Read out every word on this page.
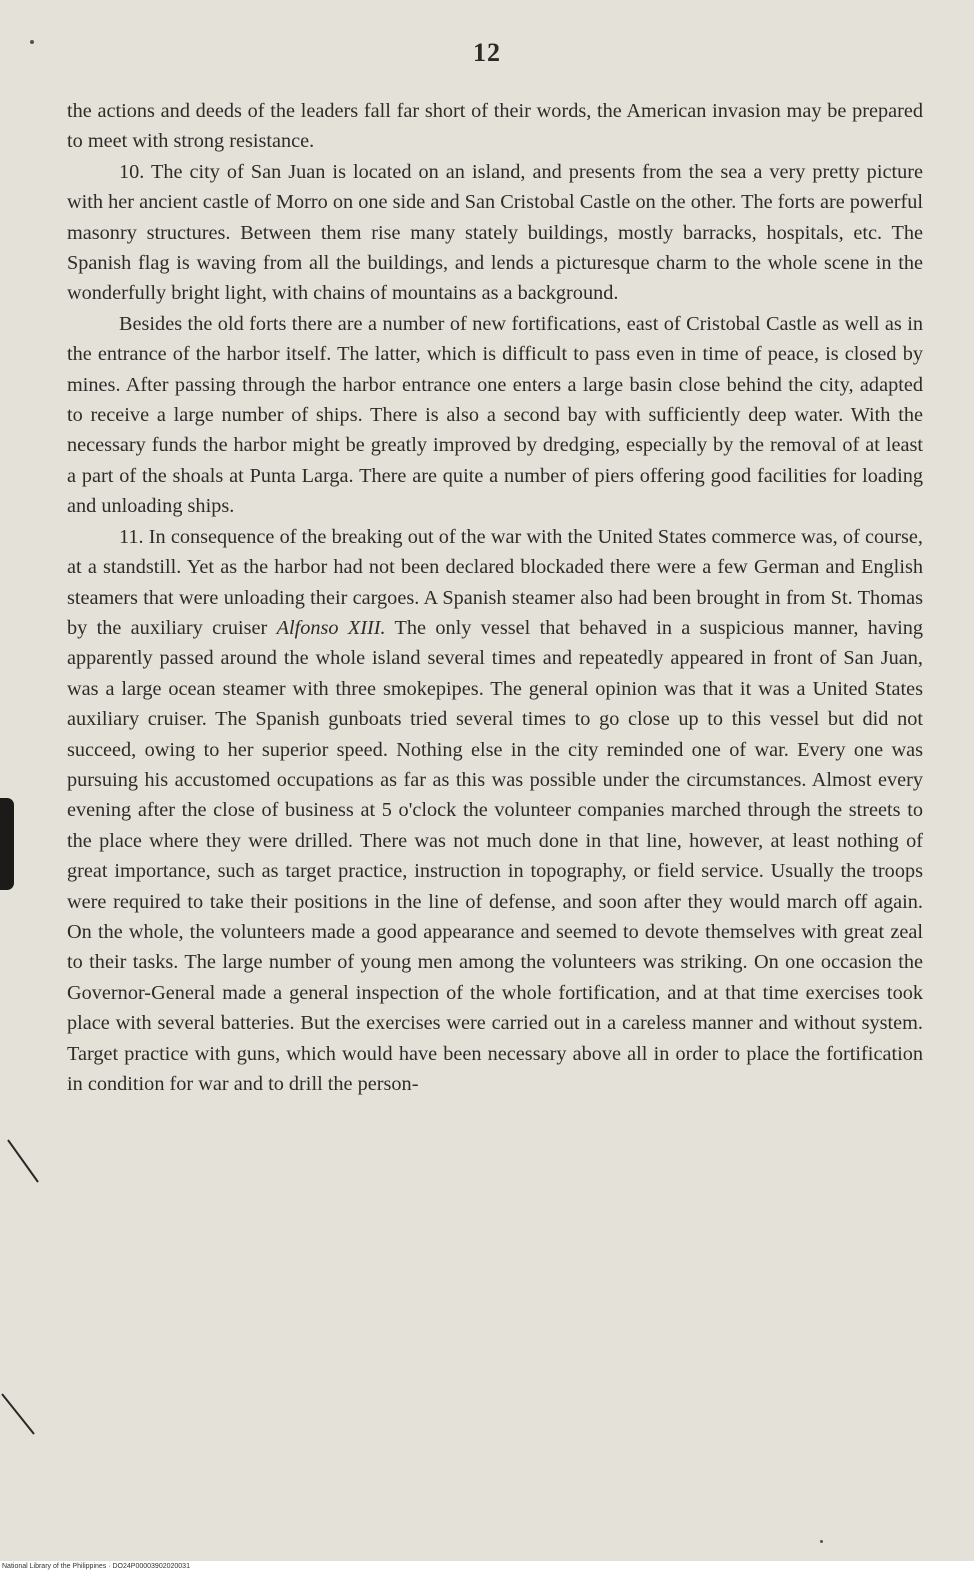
12

the actions and deeds of the leaders fall far short of their words, the American invasion may be prepared to meet with strong resistance.

10. The city of San Juan is located on an island, and presents from the sea a very pretty picture with her ancient castle of Morro on one side and San Cristobal Castle on the other. The forts are powerful masonry structures. Between them rise many stately buildings, mostly barracks, hospitals, etc. The Spanish flag is waving from all the buildings, and lends a picturesque charm to the whole scene in the wonderfully bright light, with chains of mountains as a background.

Besides the old forts there are a number of new fortifications, east of Cristobal Castle as well as in the entrance of the harbor itself. The latter, which is difficult to pass even in time of peace, is closed by mines. After passing through the harbor entrance one enters a large basin close behind the city, adapted to receive a large number of ships. There is also a second bay with sufficiently deep water. With the necessary funds the harbor might be greatly improved by dredging, especially by the removal of at least a part of the shoals at Punta Larga. There are quite a number of piers offering good facilities for loading and unloading ships.

11. In consequence of the breaking out of the war with the United States commerce was, of course, at a standstill. Yet as the harbor had not been declared blockaded there were a few German and English steamers that were unloading their cargoes. A Spanish steamer also had been brought in from St. Thomas by the auxiliary cruiser Alfonso XIII. The only vessel that behaved in a suspicious manner, having apparently passed around the whole island several times and repeatedly appeared in front of San Juan, was a large ocean steamer with three smokepipes. The general opinion was that it was a United States auxiliary cruiser. The Spanish gunboats tried several times to go close up to this vessel but did not succeed, owing to her superior speed. Nothing else in the city reminded one of war. Every one was pursuing his accustomed occupations as far as this was possible under the circumstances. Almost every evening after the close of business at 5 o'clock the volunteer companies marched through the streets to the place where they were drilled. There was not much done in that line, however, at least nothing of great importance, such as target practice, instruction in topography, or field service. Usually the troops were required to take their positions in the line of defense, and soon after they would march off again. On the whole, the volunteers made a good appearance and seemed to devote themselves with great zeal to their tasks. The large number of young men among the volunteers was striking. On one occasion the Governor-General made a general inspection of the whole fortification, and at that time exercises took place with several batteries. But the exercises were carried out in a careless manner and without system. Target practice with guns, which would have been necessary above all in order to place the fortification in condition for war and to drill the person-

National Library of the Philippines · DO24P00003902020031
